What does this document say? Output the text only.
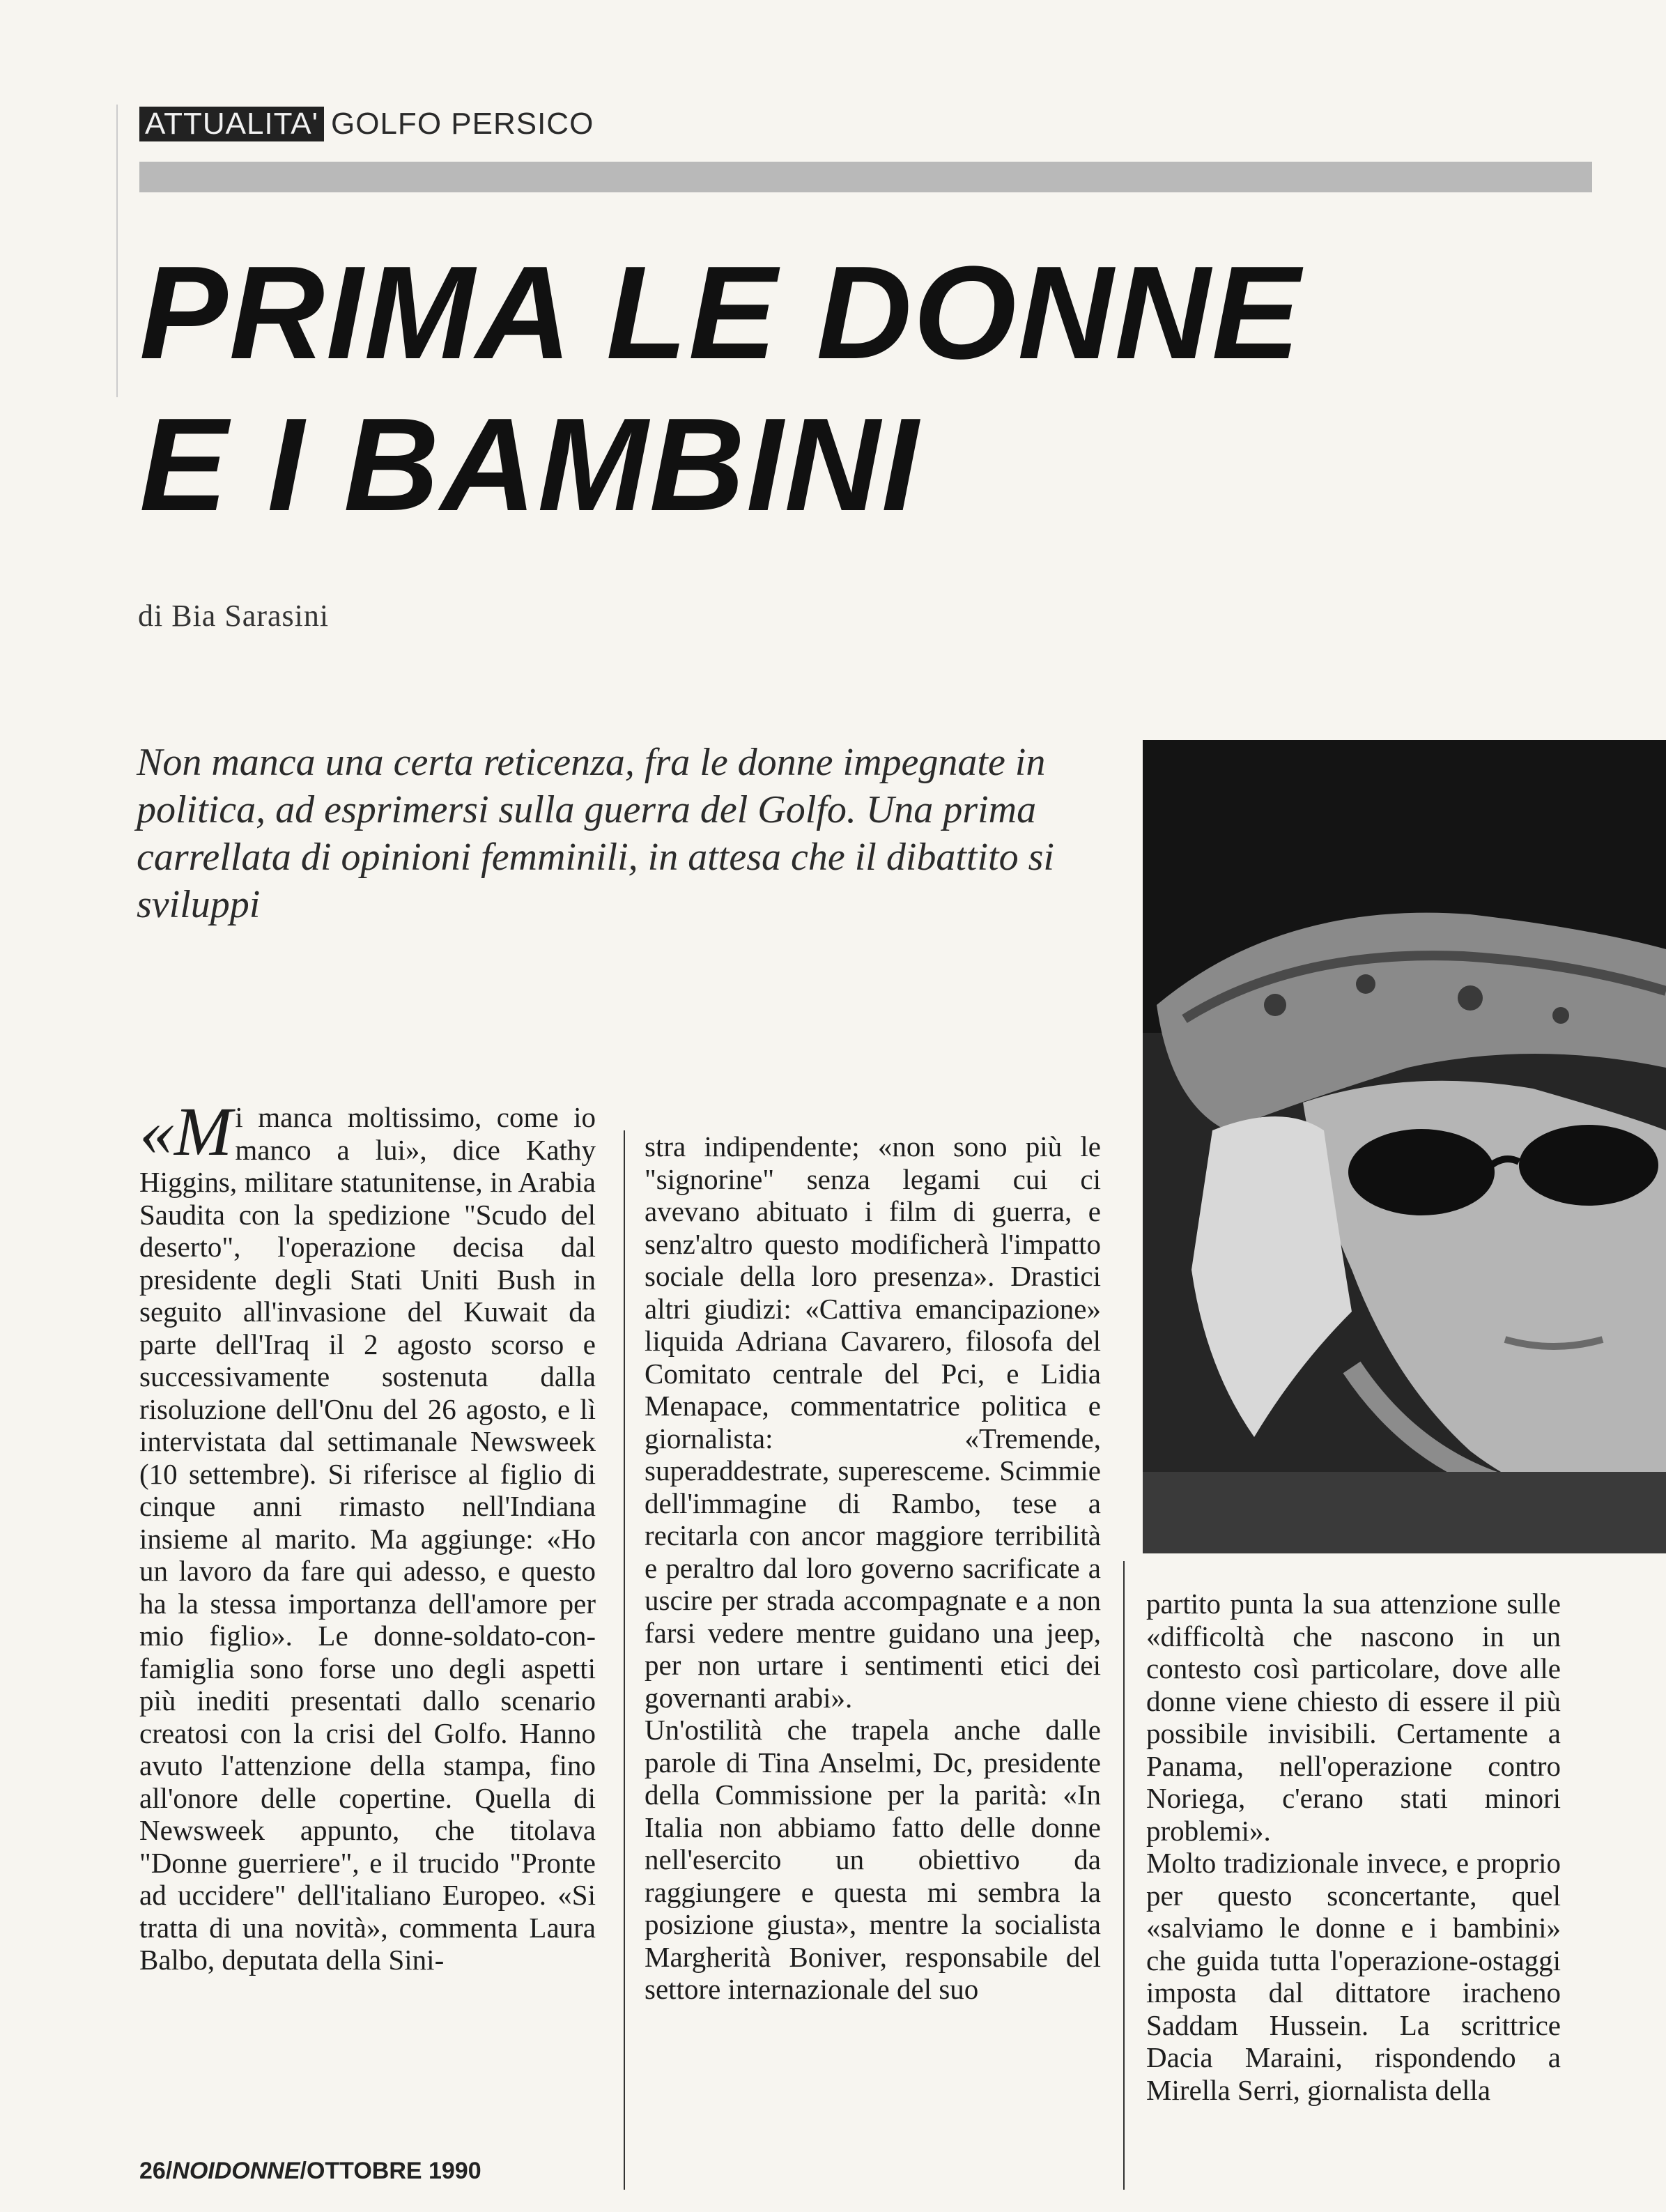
ATTUALITA' GOLFO PERSICO
PRIMA LE DONNE
E I BAMBINI
di Bia Sarasini

Non manca una certa reticenza, fra le donne impegnate in politica, ad esprimersi sulla guerra del Golfo. Una prima carrellata di opinioni femminili, in attesa che il dibattito si sviluppi

«Mi manca moltissimo, come io manco a lui», dice Kathy Higgins, militare statunitense, in Arabia Saudita con la spedizione "Scudo del deserto", l'operazione decisa dal presidente degli Stati Uniti Bush in seguito all'invasione del Kuwait da parte dell'Iraq il 2 agosto scorso e successivamente sostenuta dalla risoluzione dell'Onu del 26 agosto, e lì intervistata dal settimanale Newsweek (10 settembre). Si riferisce al figlio di cinque anni rimasto nell'Indiana insieme al marito. Ma aggiunge: «Ho un lavoro da fare qui adesso, e questo ha la stessa importanza dell'amore per mio figlio». Le donne-soldato-con-famiglia sono forse uno degli aspetti più inediti presentati dallo scenario creatosi con la crisi del Golfo. Hanno avuto l'attenzione della stampa, fino all'onore delle copertine. Quella di Newsweek appunto, che titolava "Donne guerriere", e il trucido "Pronte ad uccidere" dell'italiano Europeo. «Si tratta di una novità», commenta Laura Balbo, deputata della Sini-

stra indipendente; «non sono più le "signorine" senza legami cui ci avevano abituato i film di guerra, e senz'altro questo modificherà l'impatto sociale della loro presenza». Drastici altri giudizi: «Cattiva emancipazione» liquida Adriana Cavarero, filosofa del Comitato centrale del Pci, e Lidia Menapace, commentatrice politica e giornalista: «Tremende, superaddestrate, superesceme. Scimmie dell'immagine di Rambo, tese a recitarla con ancor maggiore terribilità e peraltro dal loro governo sacrificate a uscire per strada accompagnate e a non farsi vedere mentre guidano una jeep, per non urtare i sentimenti etici dei governanti arabi».

Un'ostilità che trapela anche dalle parole di Tina Anselmi, Dc, presidente della Commissione per la parità: «In Italia non abbiamo fatto delle donne nell'esercito un obiettivo da raggiungere e questa mi sembra la posizione giusta», mentre la socialista Margherità Boniver, responsabile del settore internazionale del suo

partito punta la sua attenzione sulle «difficoltà che nascono in un contesto così particolare, dove alle donne viene chiesto di essere il più possibile invisibili. Certamente a Panama, nell'operazione contro Noriega, c'erano stati minori problemi».

Molto tradizionale invece, e proprio per questo sconcertante, quel «salviamo le donne e i bambini» che guida tutta l'operazione-ostaggi imposta dal dittatore iracheno Saddam Hussein. La scrittrice Dacia Maraini, rispondendo a Mirella Serri, giornalista della

26/NOIDONNE/OTTOBRE 1990
